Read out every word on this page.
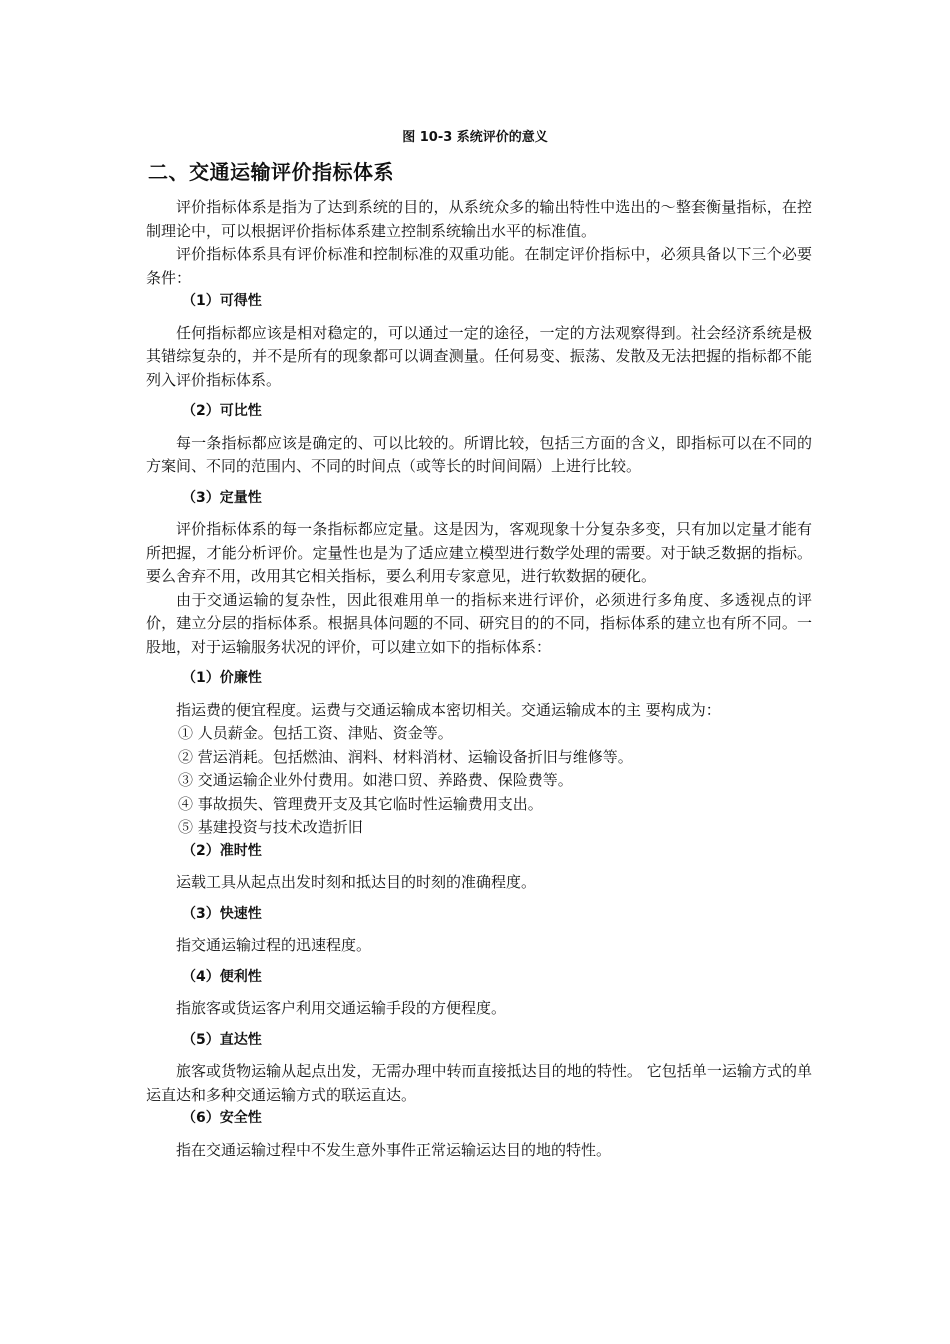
图 10-3 系统评价的意义
二、交通运输评价指标体系

评价指标体系是指为了达到系统的目的，从系统众多的输出特性中选出的～整套衡量指标，在控制理论中，可以根据评价指标体系建立控制系统输出水平的标准值。

评价指标体系具有评价标准和控制标准的双重功能。在制定评价指标中，必须具备以下三个必要条件：

（1）可得性

任何指标都应该是相对稳定的，可以通过一定的途径，一定的方法观察得到。社会经济系统是极其错综复杂的，并不是所有的现象都可以调查测量。任何易变、振荡、发散及无法把握的指标都不能列入评价指标体系。

（2）可比性

每一条指标都应该是确定的、可以比较的。所谓比较，包括三方面的含义，即指标可以在不同的方案间、不同的范围内、不同的时间点（或等长的时间间隔）上进行比较。

（3）定量性

评价指标体系的每一条指标都应定量。这是因为，客观现象十分复杂多变，只有加以定量才能有所把握，才能分析评价。定量性也是为了适应建立模型进行数学处理的需要。对于缺乏数据的指标。要么舍弃不用，改用其它相关指标，要么利用专家意见，进行软数据的硬化。

由于交通运输的复杂性，因此很难用单一的指标来进行评价，必须进行多角度、多透视点的评价，建立分层的指标体系。根据具体问题的不同、研究目的的不同，指标体系的建立也有所不同。一股地，对于运输服务状况的评价，可以建立如下的指标体系：

（1）价廉性

指运费的便宜程度。运费与交通运输成本密切相关。交通运输成本的主 要构成为：

① 人员薪金。包括工资、津贴、资金等。
② 营运消耗。包括燃油、润料、材料消材、运输设备折旧与维修等。
③ 交通运输企业外付费用。如港口贸、养路费、保险费等。
④ 事故损失、管理费开支及其它临时性运输费用支出。
⑤ 基建投资与技术改造折旧
（2）准时性

运载工具从起点出发时刻和抵达目的时刻的准确程度。

（3）快速性

指交通运输过程的迅速程度。

（4）便利性

指旅客或货运客户利用交通运输手段的方便程度。

（5）直达性

旅客或货物运输从起点出发，无需办理中转而直接抵达目的地的特性。 它包括单一运输方式的单运直达和多种交通运输方式的联运直达。

（6）安全性

指在交通运输过程中不发生意外事件正常运输运达目的地的特性。
